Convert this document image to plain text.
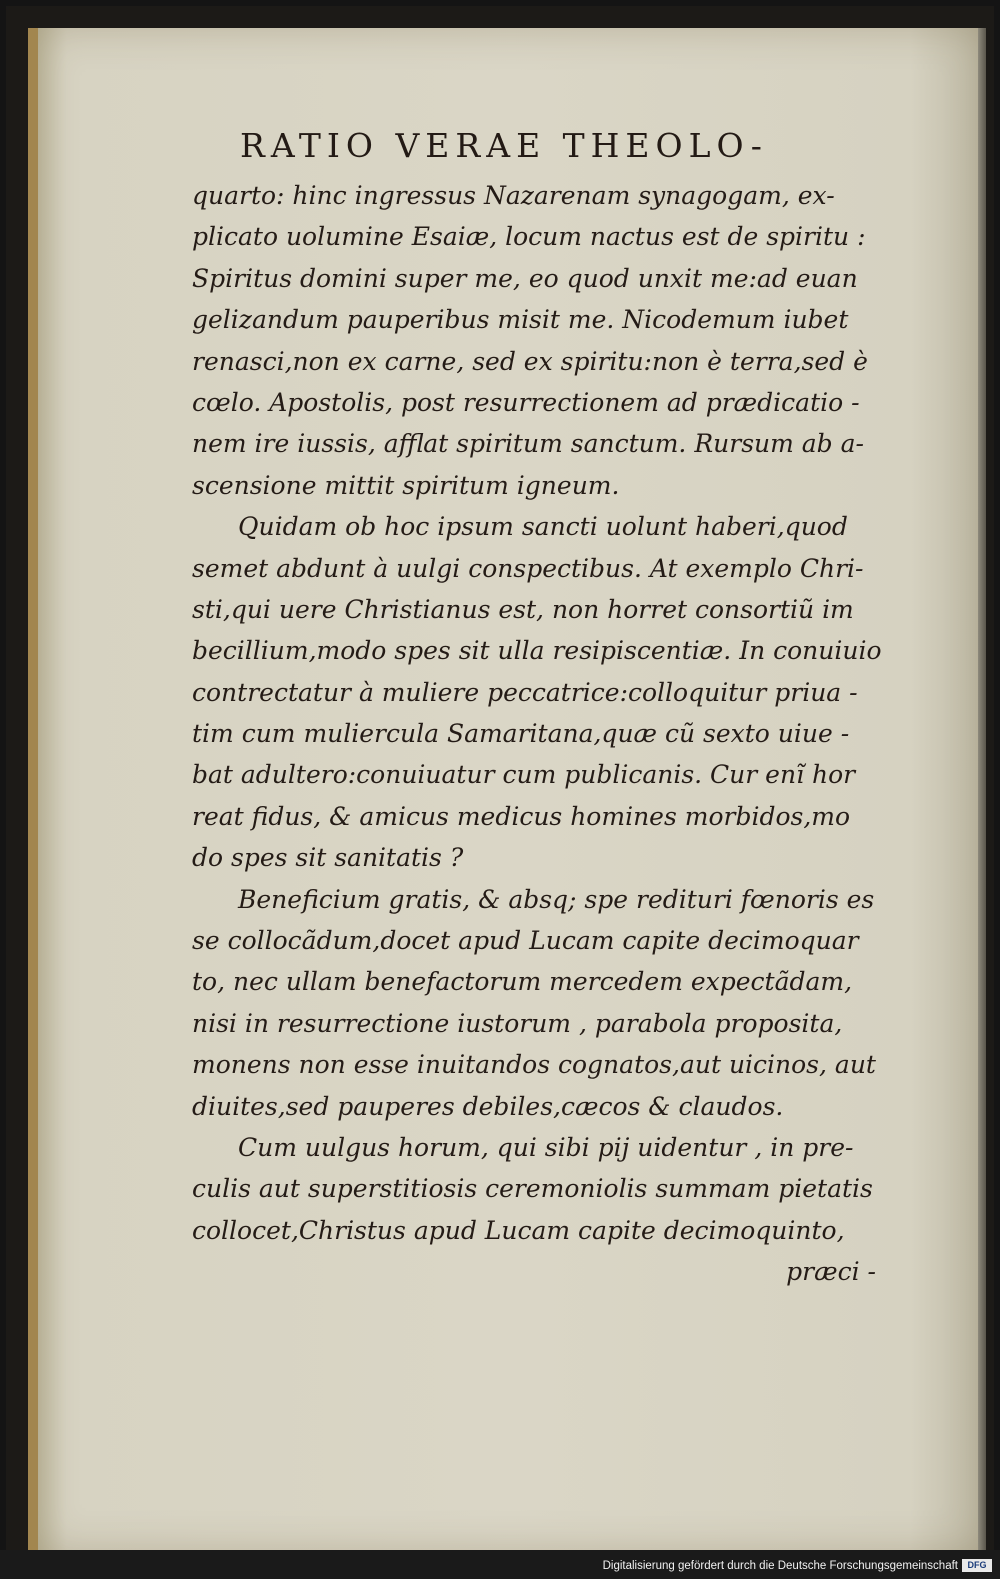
RATIO VERAE THEOLO-
quarto: hinc ingressus Nazarenam synagogam, ex-
plicato uolumine Esaiæ, locum nactus est de spiritu :
Spiritus domini super me, eo quod unxit me:ad euan
gelizandum pauperibus misit me. Nicodemum iubet
renasci,non ex carne, sed ex spiritu:non è terra,sed è
cœlo. Apostolis, post resurrectionem ad prædicatio -
nem ire iussis, afflat spiritum sanctum. Rursum ab a-
scensione mittit spiritum igneum.
Quidam ob hoc ipsum sancti uolunt haberi,quod
semet abdunt à uulgi conspectibus. At exemplo Chri-
sti,qui uere Christianus est, non horret consortiũ im
becillium,modo spes sit ulla resipiscentiæ. In conuiuio
contrectatur à muliere peccatrice:colloquitur priua -
tim cum muliercula Samaritana,quæ cũ sexto uiue -
bat adultero:conuiuatur cum publicanis. Cur enĩ hor
reat fidus, & amicus medicus homines morbidos,mo
do spes sit sanitatis ?
Beneficium gratis, & absq; spe redituri fœnoris es
se collocãdum,docet apud Lucam capite decimoquar
to, nec ullam benefactorum mercedem expectãdam,
nisi in resurrectione iustorum , parabola proposita,
monens non esse inuitandos cognatos,aut uicinos, aut
diuites,sed pauperes debiles,cæcos & claudos.
Cum uulgus horum, qui sibi pij uidentur , in pre-
culis aut superstitiosis ceremoniolis summam pietatis
collocet,Christus apud Lucam capite decimoquinto,
præci -
Digitalisierung gefördert durch die Deutsche Forschungsgemeinschaft	DFG
